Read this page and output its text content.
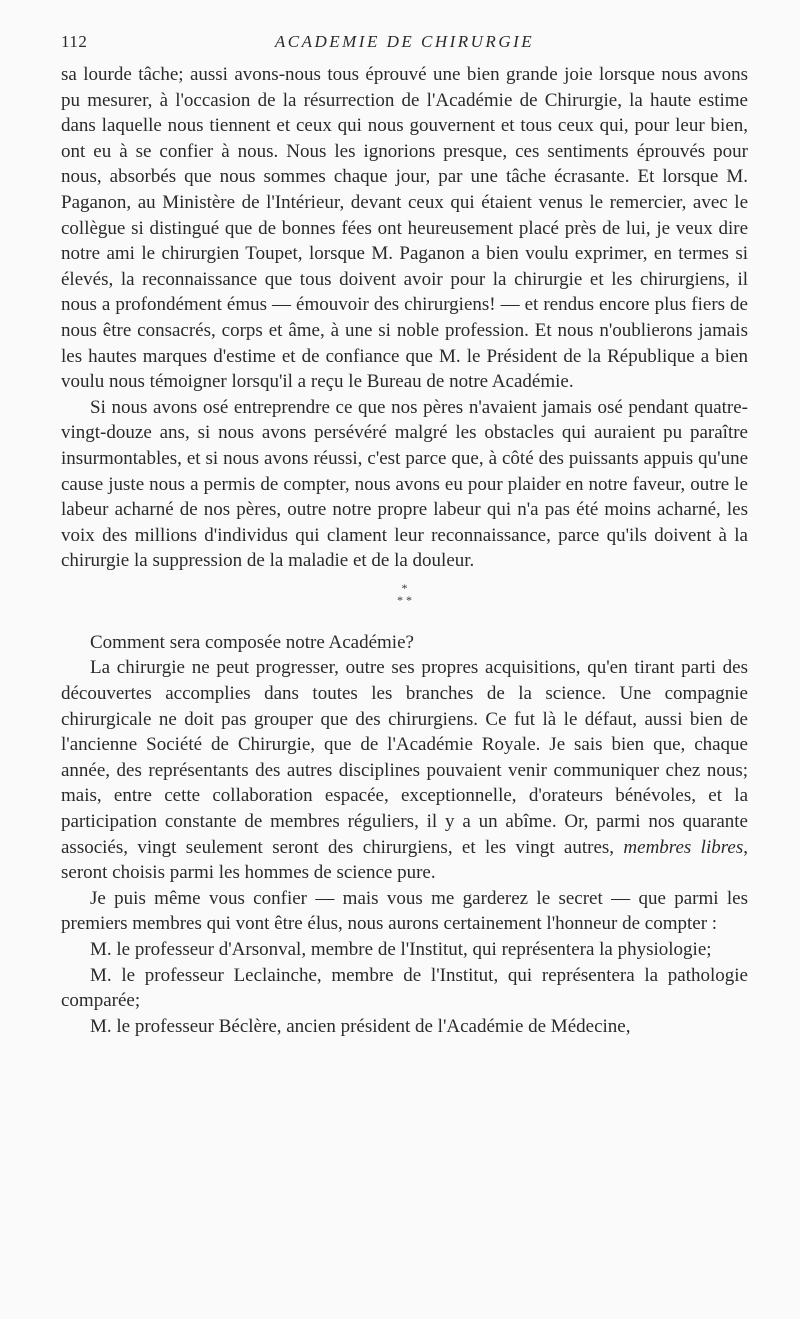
112	ACADEMIE DE CHIRURGIE

sa lourde tâche; aussi avons-nous tous éprouvé une bien grande joie lorsque nous avons pu mesurer, à l'occasion de la résurrection de l'Académie de Chirurgie, la haute estime dans laquelle nous tiennent et ceux qui nous gouvernent et tous ceux qui, pour leur bien, ont eu à se confier à nous. Nous les ignorions presque, ces sentiments éprouvés pour nous, absorbés que nous sommes chaque jour, par une tâche écrasante. Et lorsque M. Paganon, au Ministère de l'Intérieur, devant ceux qui étaient venus le remercier, avec le collègue si distingué que de bonnes fées ont heureusement placé près de lui, je veux dire notre ami le chirurgien Toupet, lorsque M. Paganon a bien voulu exprimer, en termes si élevés, la reconnaissance que tous doivent avoir pour la chirurgie et les chirurgiens, il nous a profondément émus — émouvoir des chirurgiens! — et rendus encore plus fiers de nous être consacrés, corps et âme, à une si noble profession. Et nous n'oublierons jamais les hautes marques d'estime et de confiance que M. le Président de la République a bien voulu nous témoigner lorsqu'il a reçu le Bureau de notre Académie.

Si nous avons osé entreprendre ce que nos pères n'avaient jamais osé pendant quatre-vingt-douze ans, si nous avons persévéré malgré les obstacles qui auraient pu paraître insurmontables, et si nous avons réussi, c'est parce que, à côté des puissants appuis qu'une cause juste nous a permis de compter, nous avons eu pour plaider en notre faveur, outre le labeur acharné de nos pères, outre notre propre labeur qui n'a pas été moins acharné, les voix des millions d'individus qui clament leur reconnaissance, parce qu'ils doivent à la chirurgie la suppression de la maladie et de la douleur.

*
* *

Comment sera composée notre Académie?

La chirurgie ne peut progresser, outre ses propres acquisitions, qu'en tirant parti des découvertes accomplies dans toutes les branches de la science. Une compagnie chirurgicale ne doit pas grouper que des chirurgiens. Ce fut là le défaut, aussi bien de l'ancienne Société de Chirurgie, que de l'Académie Royale. Je sais bien que, chaque année, des représentants des autres disciplines pouvaient venir communiquer chez nous; mais, entre cette collaboration espacée, exceptionnelle, d'orateurs bénévoles, et la participation constante de membres réguliers, il y a un abîme. Or, parmi nos quarante associés, vingt seulement seront des chirurgiens, et les vingt autres, membres libres, seront choisis parmi les hommes de science pure.

Je puis même vous confier — mais vous me garderez le secret — que parmi les premiers membres qui vont être élus, nous aurons certainement l'honneur de compter :

M. le professeur d'Arsonval, membre de l'Institut, qui représentera la physiologie;

M. le professeur Leclainche, membre de l'Institut, qui représentera la pathologie comparée;

M. le professeur Béclère, ancien président de l'Académie de Médecine,
